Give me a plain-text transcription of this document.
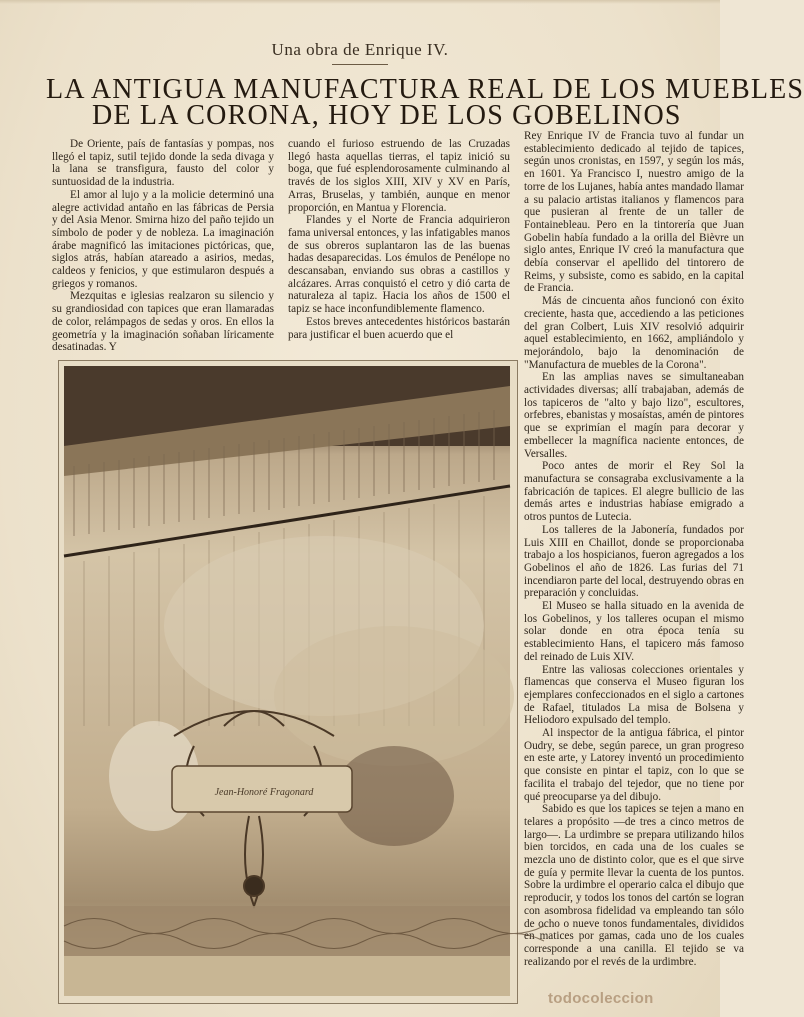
Una obra de Enrique IV.
LA ANTIGUA MANUFACTURA REAL DE LOS MUEBLES
DE LA CORONA, HOY DE LOS GOBELINOS

De Oriente, país de fantasías y pompas, nos llegó el tapiz, sutil tejido donde la seda divaga y la lana se transfigura, fausto del color y suntuosidad de la industria.

El amor al lujo y a la molicie determinó una alegre actividad antaño en las fábricas de Persia y del Asia Menor. Smirna hizo del paño tejido un símbolo de poder y de nobleza. La imaginación árabe magnificó las imitaciones pictóricas, que, siglos atrás, habían atareado a asirios, medas, caldeos y fenicios, y que estimularon después a griegos y romanos.

Mezquitas e iglesias realzaron su silencio y su grandiosidad con tapices que eran llamaradas de color, relámpagos de sedas y oros. En ellos la geometría y la imaginación soñaban líricamente desatinadas. Y

cuando el furioso estruendo de las Cruzadas llegó hasta aquellas tierras, el tapiz inició su boga, que fué esplendorosamente culminando al través de los siglos XIII, XIV y XV en París, Arras, Bruselas, y también, aunque en menor proporción, en Mantua y Florencia.

Flandes y el Norte de Francia adquirieron fama universal entonces, y las infatigables manos de sus obreros suplantaron las de las buenas hadas desaparecidas. Los émulos de Penélope no descansaban, enviando sus obras a castillos y alcázares. Arras conquistó el cetro y dió carta de naturaleza al tapiz. Hacia los años de 1500 el tapiz se hace inconfundiblemente flamenco.

Estos breves antecedentes históricos bastarán para justificar el buen acuerdo que el

Rey Enrique IV de Francia tuvo al fundar un establecimiento dedicado al tejido de tapices, según unos cronistas, en 1597, y según los más, en 1601. Ya Francisco I, nuestro amigo de la torre de los Lujanes, había antes mandado llamar a su palacio artistas italianos y flamencos para que pusieran al frente de un taller de Fontainebleau. Pero en la tintorería que Juan Gobelin había fundado a la orilla del Bièvre un siglo antes, Enrique IV creó la manufactura que debía conservar el apellido del tintorero de Reims, y subsiste, como es sabido, en la capital de Francia.

Más de cincuenta años funcionó con éxito creciente, hasta que, accediendo a las peticiones del gran Colbert, Luis XIV resolvió adquirir aquel establecimiento, en 1662, ampliándolo y mejorándolo, bajo la denominación de "Manufactura de muebles de la Corona".

En las amplias naves se simultaneaban actividades diversas; allí trabajaban, además de los tapiceros de "alto y bajo lizo", escultores, orfebres, ebanistas y mosaístas, amén de pintores que se exprimían el magín para decorar y embellecer la magnífica naciente entonces, de Versalles.

Poco antes de morir el Rey Sol la manufactura se consagraba exclusivamente a la fabricación de tapices. El alegre bullicio de las demás artes e industrias habíase emigrado a otros puntos de Lutecia.

Los talleres de la Jabonería, fundados por Luis XIII en Chaillot, donde se proporcionaba trabajo a los hospicianos, fueron agregados a los Gobelinos el año de 1826. Las furias del 71 incendiaron parte del local, destruyendo obras en preparación y concluidas.

El Museo se halla situado en la avenida de los Gobelinos, y los talleres ocupan el mismo solar donde en otra época tenía su establecimiento Hans, el tapicero más famoso del reinado de Luis XIV.

Entre las valiosas colecciones orientales y flamencas que conserva el Museo figuran los ejemplares confeccionados en el siglo a cartones de Rafael, titulados La misa de Bolsena y Heliodoro expulsado del templo.

Al inspector de la antigua fábrica, el pintor Oudry, se debe, según parece, un gran progreso en este arte, y Latorey inventó un procedimiento que consiste en pintar el tapiz, con lo que se facilita el trabajo del tejedor, que no tiene por qué preocuparse ya del dibujo.

Sabido es que los tapices se tejen a mano en telares a propósito —de tres a cinco metros de largo—. La urdimbre se prepara utilizando hilos bien torcidos, en cada una de los cuales se mezcla uno de distinto color, que es el que sirve de guía y permite llevar la cuenta de los puntos. Sobre la urdimbre el operario calca el dibujo que reproducir, y todos los tonos del cartón se logran con asombrosa fidelidad va empleando tan sólo de ocho o nueve tonos fundamentales, divididos en matices por gamas, cada uno de los cuales corresponde a una canilla. El tejido se va realizando por el revés de la urdimbre.

Jean-Honoré Fragonard
todocoleccion
